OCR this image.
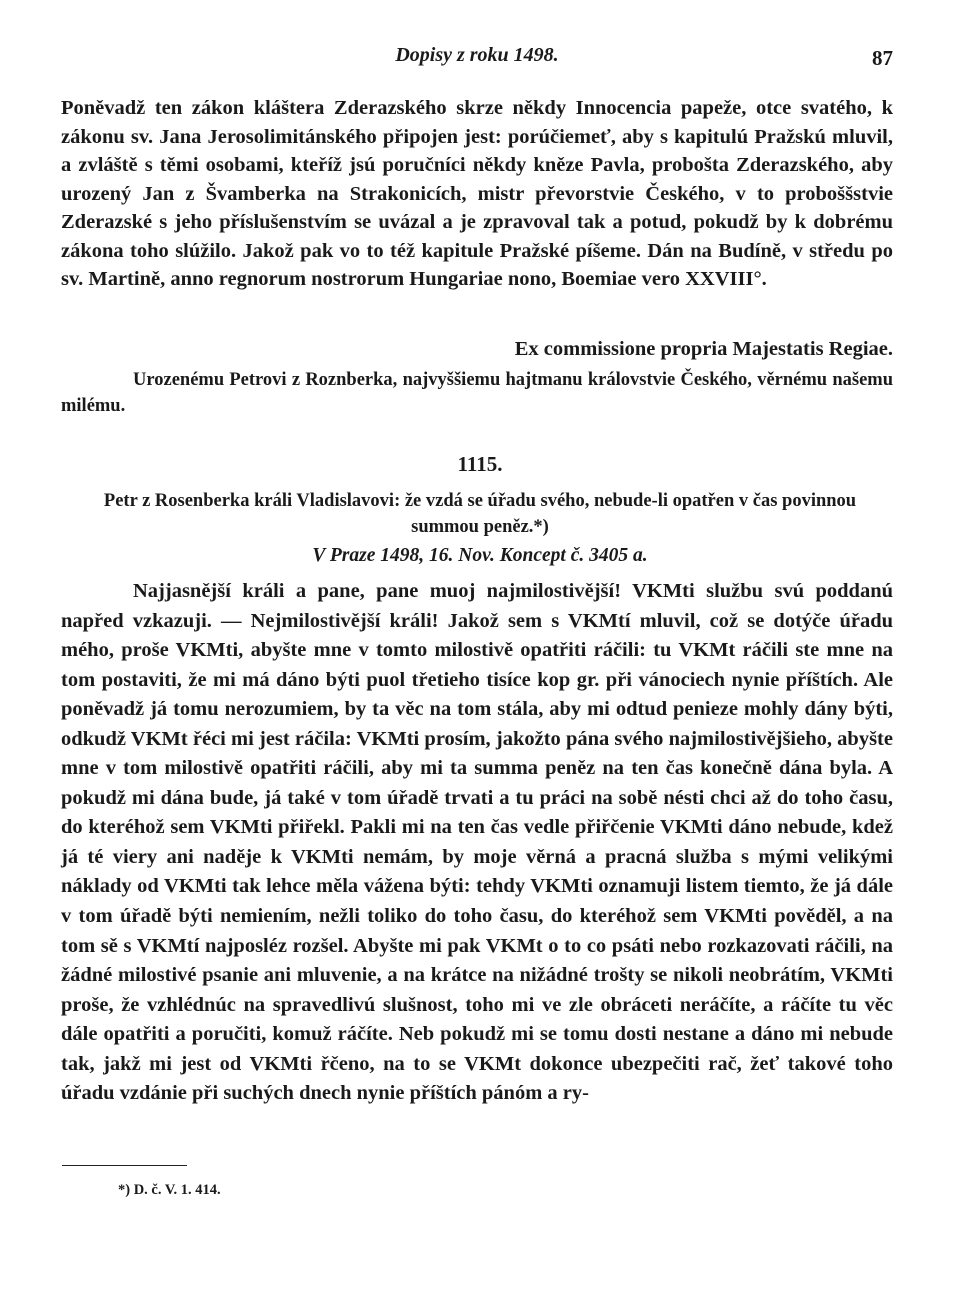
Dopisy z roku 1498.	87
Poněvadž ten zákon kláštera Zderazského skrze někdy Innocencia papeže, otce svatého, k zákonu sv. Jana Jerosolimitánského připojen jest: porúčiemeť, aby s kapitulú Pražskú mluvil, a zvláště s těmi osobami, kteříž jsú poručníci někdy kněze Pavla, proboštа Zderazského, aby urozený Jan z Švamberka na Strakonicích, mistr převorstvie Českého, v to proboššstvie Zderazské s jeho příslušenstvím se uvázal a je zpravoval tak a potud, pokudž by k dobrému zákona toho slúžilo. Jakož pak vo to též kapitule Pražské píšeme. Dán na Budíně, v středu po sv. Martině, anno regnorum nostrorum Hungariae nono, Boemiae vero XXVIII°.
Ex commissione propria Majestatis Regiae.
Urozenému Petrovi z Roznberka, najvyššiemu hajtmanu královstvie Českého, věrnému našemu milému.
1115.
Petr z Rosenberka králi Vladislavovi: že vzdá se úřadu svého, nebude-li opatřen v čas povinnou summou peněz.*)
V Praze 1498, 16. Nov. Koncept č. 3405 a.
Najjasnější králi a pane, pane muoj najmilostivější! VKMti službu svú poddanú napřed vzkazuji. — Nejmilostivější králi! Jakož sem s VKMtí mluvil, což se dotýče úřadu mého, proše VKMti, abyšte mne v tomto milostivě opatřiti ráčili: tu VKMt ráčili ste mne na tom postaviti, že mi má dáno býti puol třetieho tisíce kop gr. při vánociech nynie příštích. Ale poněvadž já tomu nerozumiem, by ta věc na tom stála, aby mi odtud penieze mohly dány býti, odkudž VKMt řéci mi jest ráčila: VKMti prosím, jakožto pána svého najmilostivějšieho, abyšte mne v tom milostivě opatřiti ráčili, aby mi ta summa peněz na ten čas konečně dána byla. A pokudž mi dána bude, já také v tom úřadě trvati a tu práci na sobě nésti chci až do toho času, do kteréhož sem VKMti přiřekl. Pakli mi na ten čas vedle přiřčenie VKMti dáno nebude, kdež já té viery ani naděje k VKMti nemám, by moje věrná a pracná služba s mými velikými náklady od VKMti tak lehce měla vážena býti: tehdy VKMti oznamuji listem tiemto, že já dále v tom úřadě býti nemiením, nežli toliko do toho času, do kteréhož sem VKMti pověděl, a na tom sě s VKMtí najposléz rozšel. Abyšte mi pak VKMt o to co psáti nebo rozkazovati ráčili, na žádné milostivé psanie ani mluvenie, a na krátce na nižádné trošty se nikoli neobrátím, VKMti proše, že vzhlédnúc na spravedlivú slušnost, toho mi ve zle obráceti neráčíte, a ráčíte tu věc dále opatřiti a poručiti, komuž ráčíte. Neb pokudž mi se tomu dosti nestane a dáno mi nebude tak, jakž mi jest od VKMti řčeno, na to se VKMt dokonce ubezpečiti rač, žeť takové toho úřadu vzdánie při suchých dnech nynie příštích pánóm a ry-
*) D. č. V. 1. 414.
